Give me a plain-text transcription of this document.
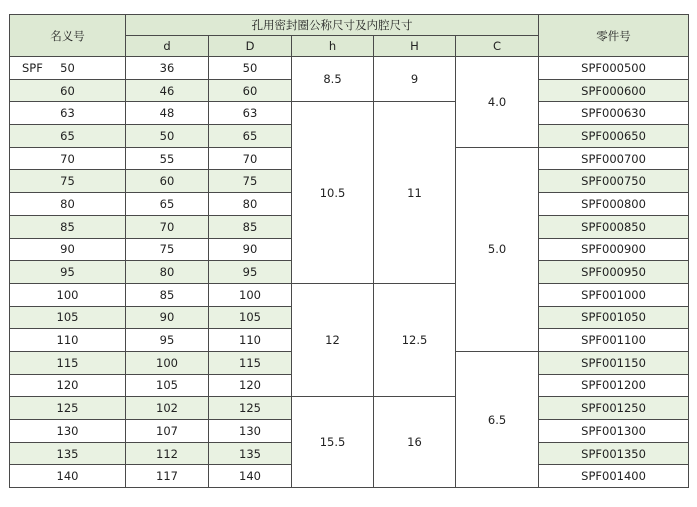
名义号	孔用密封圈公称尺寸及内腔尺寸					零件号
	d	D	h	H	C	

SPF 50	36	50	8.5	9	4.0	SPF000500
60	46	60				SPF000600
63	48	63	10.5	11		SPF000630
65	50	65				SPF000650
70	55	70			5.0	SPF000700
75	60	75				SPF000750
80	65	80				SPF000800
85	70	85				SPF000850
90	75	90				SPF000900
95	80	95				SPF000950
100	85	100	12	12.5		SPF001000
105	90	105				SPF001050
110	95	110				SPF001100
115	100	115			6.5	SPF001150
120	105	120				SPF001200
125	102	125	15.5	16		SPF001250
130	107	130				SPF001300
135	112	135				SPF001350
140	117	140				SPF001400
